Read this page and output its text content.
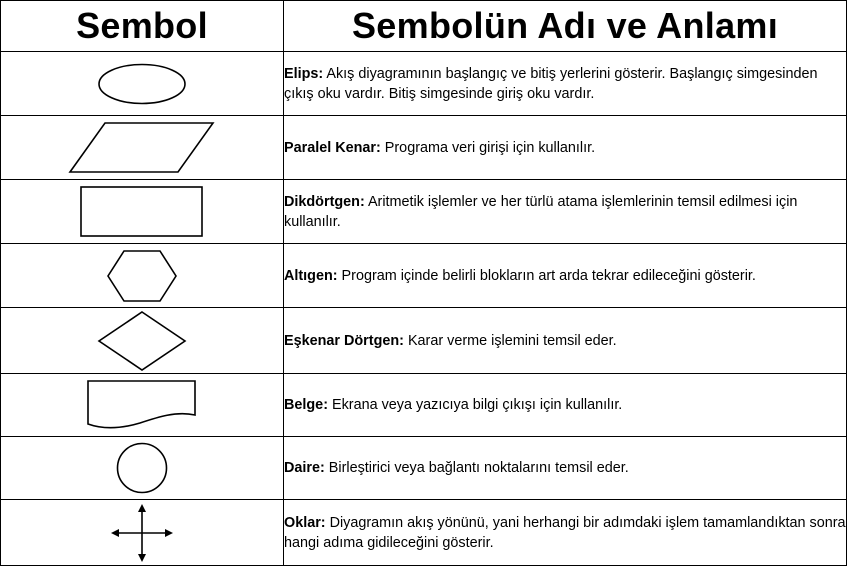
Sembol	Sembolün Adı ve Anlamı

	Elips: Akış diyagramının başlangıç ve bitiş yerlerini gösterir. Başlangıç simgesinden çıkış oku vardır. Bitiş simgesinde giriş oku vardır.

	Paralel Kenar: Programa veri girişi için kullanılır.

	Dikdörtgen: Aritmetik işlemler ve her türlü atama işlemlerinin temsil edilmesi için kullanılır.

	Altıgen: Program içinde belirli blokların art arda tekrar edileceğini gösterir.

	Eşkenar Dörtgen: Karar verme işlemini temsil eder.

	Belge: Ekrana veya yazıcıya bilgi çıkışı için kullanılır.

	Daire: Birleştirici veya bağlantı noktalarını temsil eder.

	Oklar: Diyagramın akış yönünü, yani herhangi bir adımdaki işlem tamamlandıktan sonra hangi adıma gidileceğini gösterir.
